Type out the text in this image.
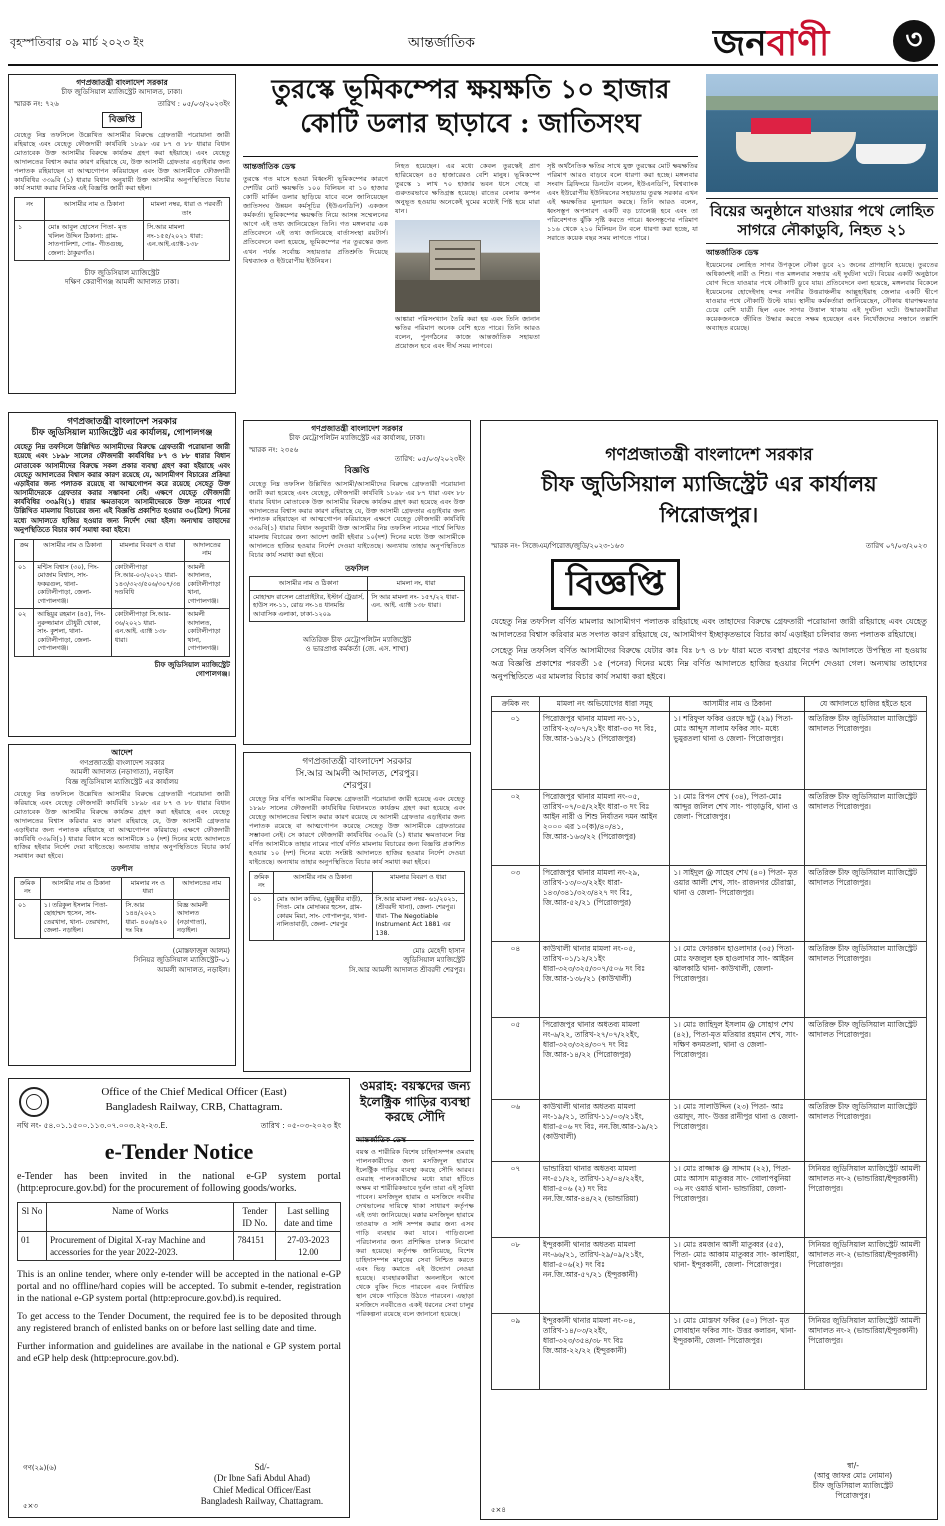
বৃহস্পতিবার ০৯ মার্চ ২০২৩ ইং	আন্তর্জাতিক	জনবাণী	৩
গণপ্রজাতন্ত্রী বাংলাদেশ সরকার
চীফ জুডিসিয়াল ম্যাজিস্ট্রেট আদালত, ঢাকা।
স্মারক নং: ৭২৬	তারিখ : ০৫/০৩/২০২৩ইং
বিজ্ঞপ্তি
যেহেতু নিম্ন তফসিলে উল্লেখিত আসামীর বিরুদ্ধে গ্রেফতারী পরোয়ানা জারী রহিয়াছে এবং যেহেতু ফৌজদারী কার্যবিধি ১৮৯৮ এর ৮৭ ও ৮৮ ধারার বিধান মোতাবেক উক্ত আসামীর বিরুদ্ধে কার্যক্রম গ্রহণ করা হইয়াছে। এবং যেহেতু আদালতের বিশ্বাস করার কারণ রহিয়াছে যে, উক্ত আসামী গ্রেফতার এড়াইবার জন্য পলাতক রহিয়াছেন বা আত্মগোপন করিয়াছেন এবং উক্ত আসামীকে ফৌজদারী কার্যবিধির ৩৩৯বি (১) ধারার বিধান অনুযায়ী উক্ত আসামীর অনুপস্থিতিতে বিচার কার্য সমাধা করার নিমিত্ত এই বিজ্ঞপ্তি জারী করা হইল।
নং	আসামীর নাম ও ঠিকানা	মামলা নম্বর, ধারা ও পরবর্তী তাং
১	মোঃ আবুল হোসেন পিতা- মৃত খলিল উদ্দিন ঠিকানা: গ্রাম- সাতপালিশা, পোঃ- গীতগুচ্ছ, জেলা: ঠাকুরগাঁও।	সি.আর মামলা নং-১৫৫/২০২১ ধারা: এন.আই.এ্যাক্ট-১৩৮
চীফ জুডিসিয়াল ম্যাজিস্ট্রেট
দক্ষিণ কেরাণীগঞ্জ আমলী আদালত ঢাকা।
তুরস্কে ভূমিকম্পের ক্ষয়ক্ষতি ১০ হাজার কোটি ডলার ছাড়াবে : জাতিসংঘ
আন্তর্জাতিক ডেস্ক
তুরস্কে গত মাসে হওয়া বিধ্বংসী ভূমিকম্পের কারণে দেশটির মোট ক্ষয়ক্ষতি ১০০ বিলিয়ন বা ১০ হাজার কোটি মার্কিন ডলার ছাড়িয়ে যাবে বলে জানিয়েছেন জাতিসংঘ উন্নয়ন কর্মসূচির (ইউএনডিপি) একজন কর্মকর্তা। ভূমিকম্পের ক্ষয়ক্ষতি নিয়ে আসন্ন সম্মেলনের আগে এই তথ্য জানিয়েছেন তিনি। গত মঙ্গলবার এক প্রতিবেদনে এই তথ্য জানিয়েছে বার্তাসংস্থা রয়টার্স। প্রতিবেদনে বলা হয়েছে, ভূমিকম্পের পর তুরস্কের জন্য এখন পর্যন্ত সর্বোচ্চ সহায়তার প্রতিশ্রুতি দিয়েছে বিশ্বব্যাংক ও ইউরোপীয় ইউনিয়ন।
নিহত হয়েছেন। এর মধ্যে কেবল তুরস্কেই প্রাণ হারিয়েছেন ৪৫ হাজারেরও বেশি মানুষ। ভূমিকম্পে তুরস্কে ১ লাখ ৭০ হাজার ভবন ধসে গেছে বা গুরুতরভাবে ক্ষতিগ্রস্ত হয়েছে। রাতের বেলায় কম্পন অনুভূত হওয়ায় অনেকেই ঘুমের মধ্যেই পিষ্ট হয়ে মারা যান।
আঙ্কারা পরিসংখ্যান তৈরি করা হয় এবং তিনি জানান ক্ষতির পরিমাণ অনেক বেশি হতে পারে। তিনি আরও বলেন, পুনর্গঠনের কাজে আন্তর্জাতিক সহায়তা প্রয়োজন হবে এবং দীর্ঘ সময় লাগবে।
সৃষ্ট অর্থনৈতিক ক্ষতির সাথে যুক্ত তুরস্কের মোট ক্ষয়ক্ষতির পরিমাণ আরও বাড়বে বলে ধারণা করা হচ্ছে। মঙ্গলবার সংবাদ ব্রিফিংয়ে ডিনটেন বলেন, ইউএনডিপি, বিশ্বব্যাংক এবং ইউরোপীয় ইউনিয়নের সহায়তায় তুরস্ক সরকার এখন এই ক্ষয়ক্ষতির মূল্যায়ন করছে। তিনি আরও বলেন, ধ্বংসস্তূপ অপসারণ একটি বড় চ্যালেঞ্জ হবে এবং তা পরিবেশগত ঝুঁকি সৃষ্টি করতে পারে। ধ্বংসস্তূপের পরিমাণ ১১৬ থেকে ২১০ মিলিয়ন টন বলে ধারণা করা হচ্ছে, যা সরাতে কয়েক বছর সময় লাগতে পারে।
বিয়ের অনুষ্ঠানে যাওয়ার পথে লোহিত সাগরে নৌকাডুবি, নিহত ২১
আন্তর্জাতিক ডেস্ক
ইয়েমেনের লোহিত সাগর উপকূলে নৌকা ডুবে ২১ জনের প্রাণহানি হয়েছে। তুরতের অধিকাংশই নারী ও শিশু। গত মঙ্গলবার সন্ধ্যায় এই দুর্ঘটনা ঘটে। বিয়ের একটি অনুষ্ঠানে যোগ দিতে যাওয়ার পথে নৌকাটি ডুবে যায়। প্রতিবেদনে বলা হয়েছে, মঙ্গলবার বিকেলে ইয়েমেনের হোদেইদাহ বন্দর নগরীর উত্তরাঞ্চলীয় আল্লুহাইয়াহ জেলার একটি দ্বীপে যাওয়ার পথে নৌকাটি উল্টে যায়। স্থানীয় কর্মকর্তারা জানিয়েছেন, নৌকায় ধারণক্ষমতার চেয়ে বেশি যাত্রী ছিল এবং সাগর উত্তাল থাকায় এই দুর্ঘটনা ঘটে। উদ্ধারকারীরা কয়েকজনকে জীবিত উদ্ধার করতে সক্ষম হয়েছেন এবং নিখোঁজদের সন্ধানে তল্লাশি অব্যাহত রয়েছে।
গণপ্রজাতন্ত্রী বাংলাদেশ সরকার
চীফ জুডিসিয়াল ম্যাজিস্ট্রেট এর কার্যালয়, গোপালগঞ্জ
যেহেতু নিম্ন তফসিলে উল্লিখিত আসামীদের বিরুদ্ধে গ্রেফতারী পরোয়ানা জারী হয়েছে এবং ১৮৯৮ সালের ফৌজদারী কার্যবিধির ৮৭ ও ৮৮ ধারার বিধান মোতাবেক আসামীদের বিরুদ্ধে সকল প্রকার ব্যবস্থা গ্রহণ করা হইয়াছে এবং যেহেতু আদালতের বিশ্বাস করার কারণ রয়েছে যে, আসামীগণ বিচারের প্রক্রিয়া এড়াইবার জন্য পলাতক রয়েছে বা আত্মগোপন করে রয়েছে সেহেতু উক্ত আসামীদেরকে গ্রেফতার করার সম্ভাবনা নেই। এক্ষণে যেহেতু ফৌজদারী কার্যবিধির ৩৩৯বি(১) ধারার ক্ষমতাবলে আসামীদেরকে উক্ত নামের পার্শ্বে উল্লিখিত মামলায় বিচারের জন্য এই বিজ্ঞপ্তি প্রকাশিত হওয়ার ৩০(ত্রিশ) দিনের মধ্যে আদালতে হাজির হওয়ার জন্য নির্দেশ দেয়া হইল। অন্যথায় তাহাদের অনুপস্থিতিতে বিচার কার্য সমাধা করা হইবে।
ক্রম	আসামীর নাম ও ঠিকানা	মামলার বিবরণ ও ধারা	আদালতের নাম
০১	মন্টিস বিশ্বাস (৩০), পিং- মোজাম বিশ্বাস, সাং- ফকরগুল, থানা- কোটালীপাড়া, জেলা- গোপালগঞ্জ।	কোটালীপাড়া সি.আর-০৩/২০২১ ধারা- ১৪৩/৩২৩/৫০৬/৩০৭/৩৪ দণ্ডবিধি	আমলী আদালত, কোটালীপাড়া থানা, গোপালগঞ্জ।
০২	আছিয়ুর রহমান (৪৫), পিং- নুরুজ্জামান চৌধুরী খোকা, সাং- কুশলা, থানা- কোটালীপাড়া, জেলা- গোপালগঞ্জ।	কোটালীপাড়া সি.আর- ৩৬/২০২১ ধারা- এন.আই. এ্যাক্ট ১৩৮ ধারা।	আমলী আদালত, কোটালীপাড়া থানা, গোপালগঞ্জ।
চীফ জুডিসিয়াল ম্যাজিস্ট্রেট
গোপালগঞ্জ।
গণপ্রজাতন্ত্রী বাংলাদেশ সরকার
চীফ মেট্রোপলিটন ম্যাজিস্ট্রেট এর কার্যালয়, ঢাকা।
স্মারক নং: ২৩৫৬
তারিখ: ০৫/০৩/২০২৩ইং
বিজ্ঞপ্তি
যেহেতু নিম্ন তফসিল উল্লিখিত আসামী/আসামীদের বিরুদ্ধে গ্রেফতারী পরোয়ানা জারী করা হয়েছে এবং যেহেতু, ফৌজদারী কার্যবিধি ১৮৯৮ এর ৮৭ ধারা এবং ৮৮ ধারার বিধান মোতাবেক উক্ত আসামীর বিরুদ্ধে কার্যক্রম গ্রহণ করা হয়েছে এবং উক্ত আদালতের বিশ্বাস করার কারণ রহিয়াছে যে, উক্ত আসামী গ্রেফতার এড়াইবার জন্য পলাতক রহিয়াছেন বা আত্মগোপন করিয়াছেন এক্ষণে যেহেতু ফৌজদারী কার্যবিধি ৩৩৯বি(১) ধারার বিধান অনুযায়ী উক্ত আসামীর নিম্ন তফসিল নামের পার্শ্বে লিখিত মামলায় বিচারের জন্য আদেশ জারী হইবার ১০(দশ) দিনের মধ্যে উক্ত আসামীকে আদালতে হাজির হওয়ার নির্দেশ দেওয়া যাইতেছে। অন্যথায় তাহার অনুপস্থিতিতে বিচার কার্য সমাধা করা হইবে।
তফসিল
আসামীর নাম ও ঠিকানা	মামলা নং, ধারা
মোহাম্মদ রাসেল প্রোপ্রাইটার, ইস্টার্ন ট্রেডার্স, হাউস নং-১১, রোড নং-১৪ ধানমন্ডি আবাসিক এলাকা, ঢাকা-১২০৯	সি আর মামলা নং- ১৫৭/২২ ধারা- এন. আই. এ্যাক্ট ১৩৮ ধারা।
অতিরিক্ত চীফ মেট্রোপলিটন ম্যাজিস্ট্রেট
ও ভারপ্রাপ্ত কর্মকর্তা (জে. এস. শাখা)
গণপ্রজাতন্ত্রী বাংলাদেশ সরকার
চীফ জুডিসিয়াল ম্যাজিস্ট্রেট এর কার্যালয়
পিরোজপুর।
স্মারক নং- সিজেএম/পিরোজ/জুডি/২০২৩-১৬৩	তারিখ ০৭/০৩/২০২৩
বিজ্ঞপ্তি
যেহেতু নিম্ন তফসিল বর্ণিত মামলার আসামীগণ পলাতক রহিয়াছে এবং তাহাদের বিরুদ্ধে গ্রেফতারী পরোয়ানা জারী রহিয়াছে এবং যেহেতু আদালতের বিশ্বাস করিবার মত সংগত কারণ রহিয়াছে যে, আসামীগণ ইচ্ছাকৃতভাবে বিচার কার্য এড়াইয়া চলিবার জন্য পলাতক রহিয়াছে।
সেহেতু নিম্ন তফসিল বর্ণিত আসামীদের বিরুদ্ধে যেটার কাঃ বিঃ ৮৭ ও ৮৮ ধারা মতে ব্যবস্থা গ্রহণের পরও আদালতে উপস্থিত না হওয়ায় অত্র বিজ্ঞপ্তি প্রকাশের পরবর্তী ১৫ (পনের) দিনের মধ্যে নিম্ন বর্ণিত আদালতে হাজির হওয়ার নির্দেশ দেওয়া গেল। অন্যথায় তাহাদের অনুপস্থিতিতে এর মামলার বিচার কার্য সমাধা করা হইবে।
ক্রমিক নং	মামলা নং অভিযোগের ধারা সমূহ	আসামীর নাম ও ঠিকানা	যে আদালতে হাজির হইতে হবে
০১	পিরোজপুর থানার মামলা নং-১১, তারিখ-২৩/০৭/২১ইং ধারা-৩৩ দং বিঃ, জি.আর-১৬১/২১ (পিরোজপুর)	১। শরিফুল ফকির ওরফে ছট্টু (২৯) পিতা- মোঃ আব্দুস সালাম ফকির সাং- মধ্যে ভুমুরতলা থানা ও জেলা- পিরোজপুর।	অতিরিক্ত চীফ জুডিসিয়াল ম্যাজিস্ট্রেট আদালত পিরোজপুর।
০২	পিরোজপুর থানার মামলা নং-০৫, তারিখ-০৭/০৫/২২ইং ধারা-৩ দং বিঃ আইন নারী ও শিশু নির্যাতন দমন আইন ২০০০ এর ১০(ক)/৪০/৪১, জি.আর-১৬৩/২২ (পিরোজপুর)	১। মোঃ রিপন শেখ (৩৪), পিতা-মোঃ আব্দুর জলিল শেখ সাং- পাড়াডুবি, থানা ও জেলা- পিরোজপুর।	অতিরিক্ত চীফ জুডিসিয়াল ম্যাজিস্ট্রেট আদালত পিরোজপুর।
০৩	পিরোজপুর থানার মামলা নং-২৯, তারিখ-১৩/০৩/২২ইং ধারা- ১৪৩/৩৪১/৩২৩/৪২৭ দং বিঃ, জি.আর-৫২/২১ (পিরোজপুর)	১। সাইদুল @ সাহেব শেখ (৪০) পিতা- মৃত ওয়ার আলী শেখ, সাং- রাজনগর চৌরাস্তা, থানা ও জেলা- পিরোজপুর।	অতিরিক্ত চীফ জুডিসিয়াল ম্যাজিস্ট্রেট আদালত পিরোজপুর।
০৪	কাউখালী থানার মামলা নং-০৫, তারিখ-০১/১২/২১ইং ধারা-৩২৩/৩২৫/৩০৭/৫০৬ দং বিঃ জি.আর-১৩৮/২১ (কাউখালী)	১। মোঃ ফোরকান হাওলাদার (৩৫) পিতা- মোঃ ফজলুল হক হাওলাদার সাং- আইরন ঝালকাঠি থানা- কাউখালী, জেলা- পিরোজপুর।	অতিরিক্ত চীফ জুডিসিয়াল ম্যাজিস্ট্রেট আদালত পিরোজপুর।
০৫	পিরোজপুর থানার অধতব্য মামলা নং-৬/২২, তারিখ-২৭/০৭/২২ইং, ধারা-৩২৩/৩২৪/৩০৭ দং বিঃ জি.আর-১৪/২২ (পিরোজপুর)	১। মোঃ জাহিদুল ইসলাম @ সোহাগ শেখ (৪২), পিতা-মৃত মতিয়ার রহমান শেখ, সাং- দক্ষিণ কদমতলা, থানা ও জেলা- পিরোজপুর।	অতিরিক্ত চীফ জুডিসিয়াল ম্যাজিস্ট্রেট আদালত পিরোজপুর।
০৬	কাউখালী থানার অধতব্য মামলা নং-১৯/২১, তারিখ-১১/০৩/২১ইং, ধারা-৫০৬ দং বিঃ, নন.জি.আর-১৯/২১ (কাউখালী)	১। মোঃ সালাউদ্দিন (২৩) পিতা- আঃ ওয়াদুদ, সাং- উত্তর রানীপুর থানা ও জেলা- পিরোজপুর।	অতিরিক্ত চীফ জুডিসিয়াল ম্যাজিস্ট্রেট আদালত পিরোজপুর।
০৭	ভান্ডারিয়া থানার অধতব্য মামলা নং-৫১/২২, তারিখ-১২/০৪/২২ইং, ধারা-৫০৬ (২) দং বিঃ নন.জি.আর-৪৪/২২ (ভান্ডারিয়া)	১। মোঃ রাজ্জাক @ সাদ্দাম (২২), পিতা- মোঃ আসাদ মাতুব্বর সাং- গোলাপবুনিয়া ০৬ নং ওয়ার্ড থানা- ভান্ডারিয়া, জেলা- পিরোজপুর।	সিনিয়র জুডিসিয়াল ম্যাজিস্ট্রেট আমলী আদালত নং-২ (ভান্ডারিয়া/ইন্দুরকানী) পিরোজপুর।
০৮	ইন্দুরকানী থানার অধতব্য মামলা নং-৬৬/২১, তারিখ-২৯/০৯/২১ইং, ধারা-৫০৬(২) দং বিঃ নন.জি.আর-৫৭/২১ (ইন্দুরকানী)	১। মোঃ রমজান আলী মাতুব্বর (৫৫), পিতা- মোঃ আকাম মাতুব্বর সাং- কালাইয়া, থানা- ইন্দুরকানী, জেলা- পিরোজপুর।	সিনিয়র জুডিসিয়াল ম্যাজিস্ট্রেট আমলী আদালত নং-২ (ভান্ডারিয়া/ইন্দুরকানী) পিরোজপুর।
০৯	ইন্দুরকানী থানার মামলা নং-০৪, তারিখ-১৪/০৩/২২ইং, ধারা-৩২৩/৩৫৪/৩৮ দং বিঃ জি.আর-২২/২২ (ইন্দুরকানী)	১। মোঃ মোস্তফা ফকির (৫০) পিতা- মৃত সোবাহান ফকির সাং- উত্তর কলারন, থানা- ইন্দুরকানী, জেলা- পিরোজপুর।	সিনিয়র জুডিসিয়াল ম্যাজিস্ট্রেট আমলী আদালত নং-২ (ভান্ডারিয়া/ইন্দুরকানী) পিরোজপুর।
স্বা/-
(আবু জাফর মোঃ নোমান)
চীফ জুডিসিয়াল ম্যাজিস্ট্রেট
পিরোজপুর।
৫×৪
আদেশ
গণপ্রজাতন্ত্রী বাংলাদেশ সরকার
আমলী আদালত (নড়াগাতা), নড়াইল
বিজ্ঞ জুডিসিয়াল ম্যাজিস্ট্রেট এর কার্যালয়
যেহেতু নিম্ন তফসিলে উল্লেখিত আসামীর বিরুদ্ধে গ্রেফতারী পরোয়ানা জারী করিয়াছে এবং যেহেতু ফৌজদারী কার্যবিধি ১৮৯৮ এর ৮৭ ও ৮৮ ধারার বিধান মোতাবেক উক্ত আসামীর বিরুদ্ধে কার্যক্রম গ্রহণ করা হইয়াছে এবং যেহেতু আদালতের বিশ্বাস করিবার মত কারণ রহিয়াছে যে, উক্ত আসামী গ্রেফতার এড়াইবার জন্য পলাতক রহিয়াছে বা আত্মগোপন করিয়াছে। এক্ষণে ফৌজদারী কার্যবিধি ৩৩৯বি(১) ধারার বিধান মতে আসামীকে ১০ (দশ) দিনের মধ্যে আদালতে হাজির হইবার নির্দেশ দেয়া যাইতেছে। অন্যথায় তাহার অনুপস্থিতিতে বিচার কার্য সমাধান করা হইবে।
তফশীল
ক্রমিক নং	আসামীর নাম ও ঠিকানা	মামলার নং ও ধারা	আদালতের নাম
০১	১। তরিকুল ইসলাম পিতা- ছোহাম্মদ হুসেন, সাং- তেরখাদা, থানা- তেরখাদা, জেলা- নড়াইল।	সি.আর ১৪৪/২০২১ ধারা- ৪০৬/৪২০ দঃ বিঃ	বিজ্ঞ আমলী আদালত (নড়াগাতা), নড়াইল।
(মোস্তফাজুল আলম)
সিনিয়র জুডিসিয়াল ম্যাজিস্ট্রেট-০১
আমলী আদালত, নড়াইল।
গণপ্রজাতন্ত্রী বাংলাদেশ সরকার
সি.আর আমলী আদালত, শেরপুর।
শেরপুর।
যেহেতু নিম্ন বর্ণিত আসামীর বিরুদ্ধে গ্রেফতারী পরোয়ানা জারী হয়েছে এবং যেহেতু ১৮৯৮ সালের ফৌজদারী কার্যবিধির বিধানমতে কার্যক্রম গ্রহণ করা হয়েছে এবং যেহেতু আদালতের বিশ্বাস করার কারণ রয়েছে যে আসামী গ্রেফতার এড়াইবার জন্য পলাতক রয়েছে বা আত্মগোপন করেছে সেহেতু উক্ত আসামীকে গ্রেফতারের সম্ভাবনা নেই। সে কারণে ফৌজদারী কার্যবিধির ৩৩৯বি (১) ধারার ক্ষমতাবলে নিম্ন বর্ণিত আসামীকে তাহার নামের পার্শ্বে বর্ণিত মামলায় বিচারের জন্য বিজ্ঞপ্তি প্রকাশিত হওয়ার ১০ (দশ) দিনের মধ্যে সংশ্লিষ্ট আদালতে হাজির হওয়ার নির্দেশ দেওয়া যাইতেছে। অন্যথায় তাহার অনুপস্থিতিতে বিচার কার্য সমাধা করা হইবে।
ক্রমিক নং	আসামীর নাম ও ঠিকানা	মামলার বিবরণ ও ধারা
০১	মোঃ আল কাফির, (মুল্লুকীর বাড়ী), পিতা- মোঃ মোদাব্বর হুসেন, গ্রাম- কোরম মিয়া, সাং- গোপালপুর, থানা- নালিতাবাড়ী, জেলা- শেরপুর	সি.আর মামলা নম্বর- ৬১/২০২১, (শ্রীবরদী থানা), জেলা- শেরপুর। ধারা- The Negotiable Instrument Act 1881 এর 138.
মোঃ মেহেদী হাসান
জুডিসিয়াল ম্যাজিস্ট্রেট
সি.আর আমলী আদালত শ্রীবরদী শেরপুর।
Office of the Chief Medical Officer (East)
Bangladesh Railway, CRB, Chattagram.
নথি নং- ৫৪.০১.১৫০০.১১৩.০৭.০০৩.২২-২৩.E.	তারিখ : ০৫-০৩-২০২৩ ইং
e-Tender Notice
e-Tender has been invited in the national e-GP system portal (http:eprocure.gov.bd) for the procurement of following goods/works.
Sl No	Name of Works	Tender ID No.	Last selling date and time
01	Procurement of Digital X-ray Machine and accessories for the year 2022-2023.	784151	27-03-2023 12.00
This is an online tender, where only e-tender will be accepted in the national e-GP portal and no offline/hard copies will be accepted. To submit e-tender, registration in the national e-GP system portal (http:eprocure.gov.bd).is required.
To get access to the Tender Document, the required fee is to be deposited through any registered branch of enlisted banks on or before last selling date and time.
Further information and guidelines are availabe in the national e GP system portal and eGP help desk (http:eprocure.gov.bd).
গণ(২৯)(৬)	Sd/-
(Dr Ibne Safi Abdul Ahad)
Chief Medical Officer/East
Bangladesh Railway, Chattagram.
৫×৩
ওমরাহ: বয়স্কদের জন্য ইলেক্ট্রিক গাড়ির ব্যবস্থা করছে সৌদি
বয়স্ক ও শারীরিক বিশেষ চাহিদাসম্পন্ন ওমরাহ পালনকারীদের জন্য মসজিদুল হারামে ইলেক্ট্রিক গাড়ির ব্যবস্থা করছে সৌদি আরব। ওমরাহ পালনকারীদের মধ্যে যারা হাঁটতে অক্ষম বা শারীরিকভাবে দুর্বল তারা এই সুবিধা পাবেন। মসজিদুল হারাম ও মসজিদে নববীর দেখভালের দায়িত্বে থাকা সাধারণ কর্তৃপক্ষ এই তথ্য জানিয়েছে। মক্কার মসজিদুল হারামে তাওয়াফ ও সাঈ সম্পন্ন করার জন্য এসব গাড়ি ব্যবহার করা যাবে। গাড়িগুলো পরিচালনার জন্য প্রশিক্ষিত চালক নিয়োগ করা হয়েছে। কর্তৃপক্ষ জানিয়েছে, বিশেষ চাহিদাসম্পন্ন মানুষের সেবা নিশ্চিত করতে এবং ভিড় কমাতে এই উদ্যোগ নেওয়া হয়েছে। ব্যবহারকারীরা অনলাইনে আগে থেকে বুকিং দিতে পারবেন এবং নির্ধারিত স্থান থেকে গাড়িতে উঠতে পারবেন। এছাড়া মসজিদে নববীতেও একই ধরনের সেবা চালুর পরিকল্পনা রয়েছে বলে জানানো হয়েছে।
